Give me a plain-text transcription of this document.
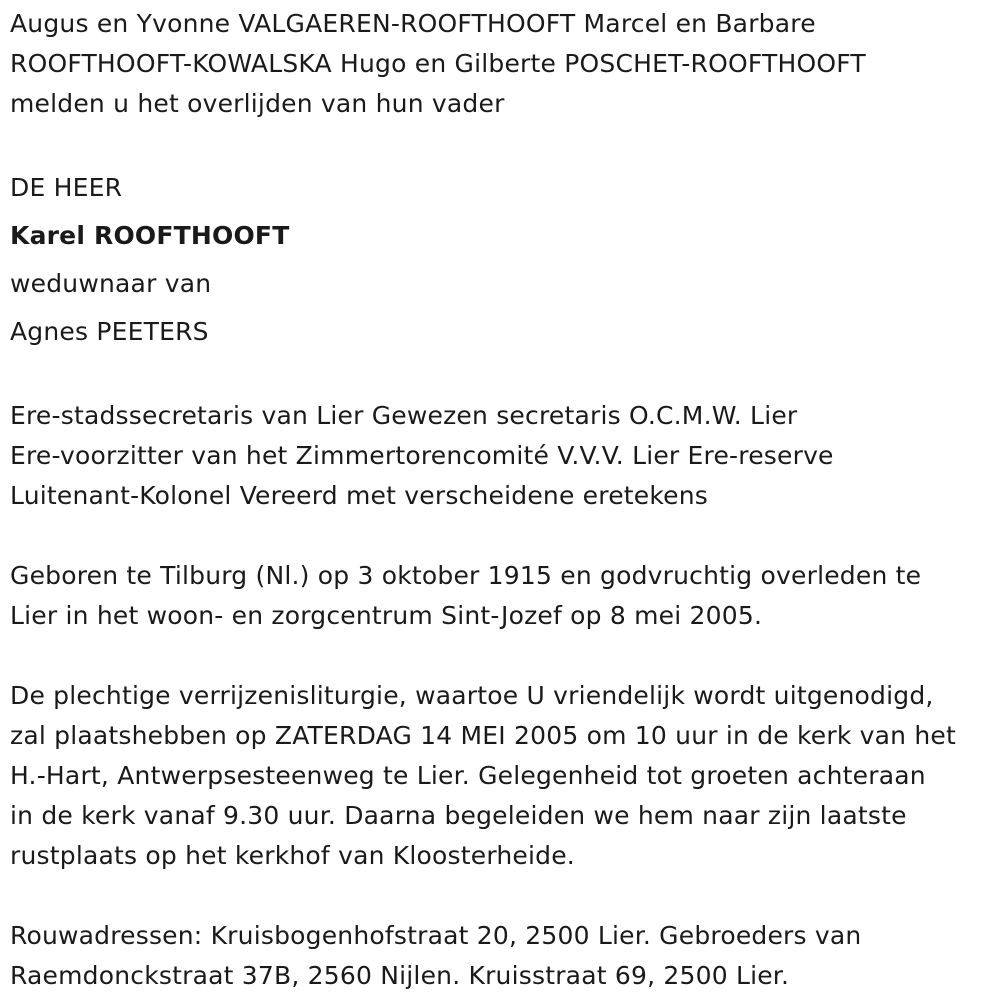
Augus en Yvonne VALGAEREN-ROOFTHOOFT Marcel en Barbare
ROOFTHOOFT-KOWALSKA Hugo en Gilberte POSCHET-ROOFTHOOFT
melden u het overlijden van hun vader
DE HEER
Karel ROOFTHOOFT
weduwnaar van
Agnes PEETERS
Ere-stadssecretaris van Lier Gewezen secretaris O.C.M.W. Lier
Ere-voorzitter van het Zimmertorencomité V.V.V. Lier Ere-reserve
Luitenant-Kolonel Vereerd met verscheidene eretekens
Geboren te Tilburg (Nl.) op 3 oktober 1915 en godvruchtig overleden te
Lier in het woon- en zorgcentrum Sint-Jozef op 8 mei 2005.
De plechtige verrijzenisliturgie, waartoe U vriendelijk wordt uitgenodigd,
zal plaatshebben op ZATERDAG 14 MEI 2005 om 10 uur in de kerk van het
H.-Hart, Antwerpsesteenweg te Lier. Gelegenheid tot groeten achteraan
in de kerk vanaf 9.30 uur. Daarna begeleiden we hem naar zijn laatste
rustplaats op het kerkhof van Kloosterheide.
Rouwadressen: Kruisbogenhofstraat 20, 2500 Lier. Gebroeders van
Raemdonckstraat 37B, 2560 Nijlen. Kruisstraat 69, 2500 Lier.
